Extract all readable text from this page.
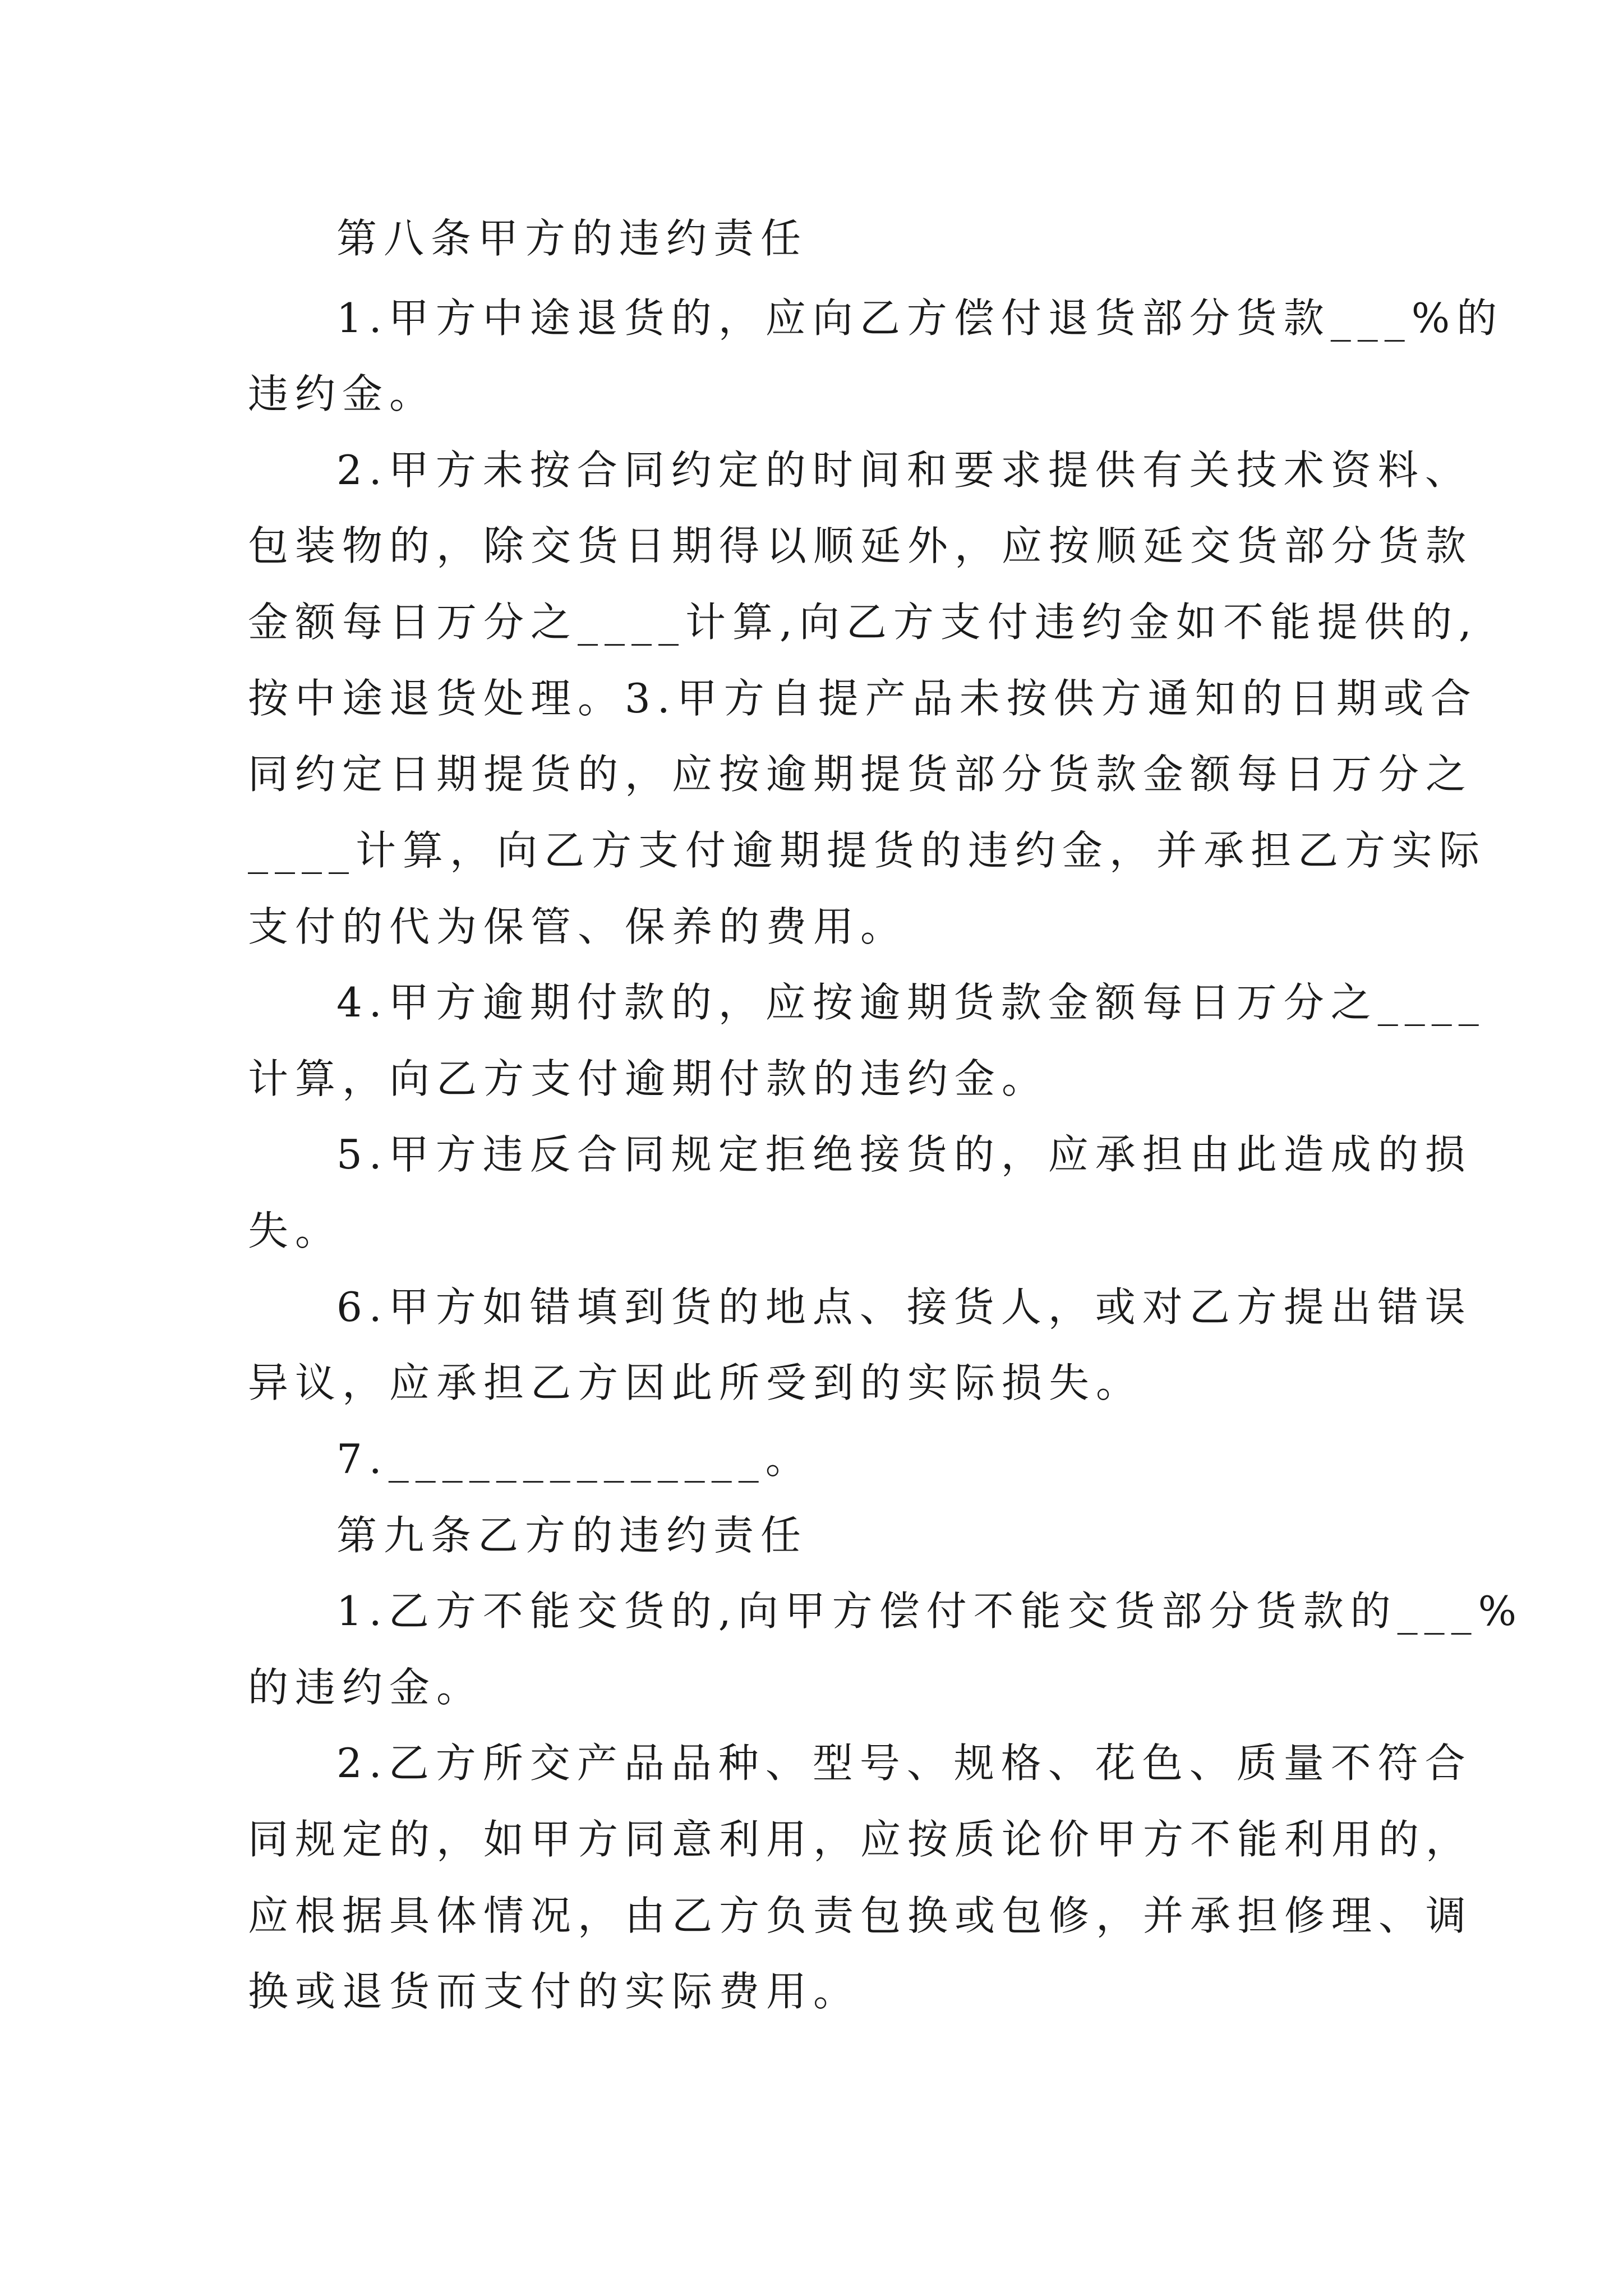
第八条甲方的违约责任
1.甲方中途退货的，应向乙方偿付退货部分货款___%的
违约金。
2.甲方未按合同约定的时间和要求提供有关技术资料、
包装物的，除交货日期得以顺延外，应按顺延交货部分货款
金额每日万分之____计算,向乙方支付违约金如不能提供的,
按中途退货处理。3.甲方自提产品未按供方通知的日期或合
同约定日期提货的，应按逾期提货部分货款金额每日万分之
____计算，向乙方支付逾期提货的违约金，并承担乙方实际
支付的代为保管、保养的费用。
4.甲方逾期付款的，应按逾期货款金额每日万分之____
计算，向乙方支付逾期付款的违约金。
5.甲方违反合同规定拒绝接货的，应承担由此造成的损
失。
6.甲方如错填到货的地点、接货人，或对乙方提出错误
异议，应承担乙方因此所受到的实际损失。
7.______________。
第九条乙方的违约责任
1.乙方不能交货的,向甲方偿付不能交货部分货款的___%
的违约金。
2.乙方所交产品品种、型号、规格、花色、质量不符合
同规定的，如甲方同意利用，应按质论价甲方不能利用的，
应根据具体情况，由乙方负责包换或包修，并承担修理、调
换或退货而支付的实际费用。
